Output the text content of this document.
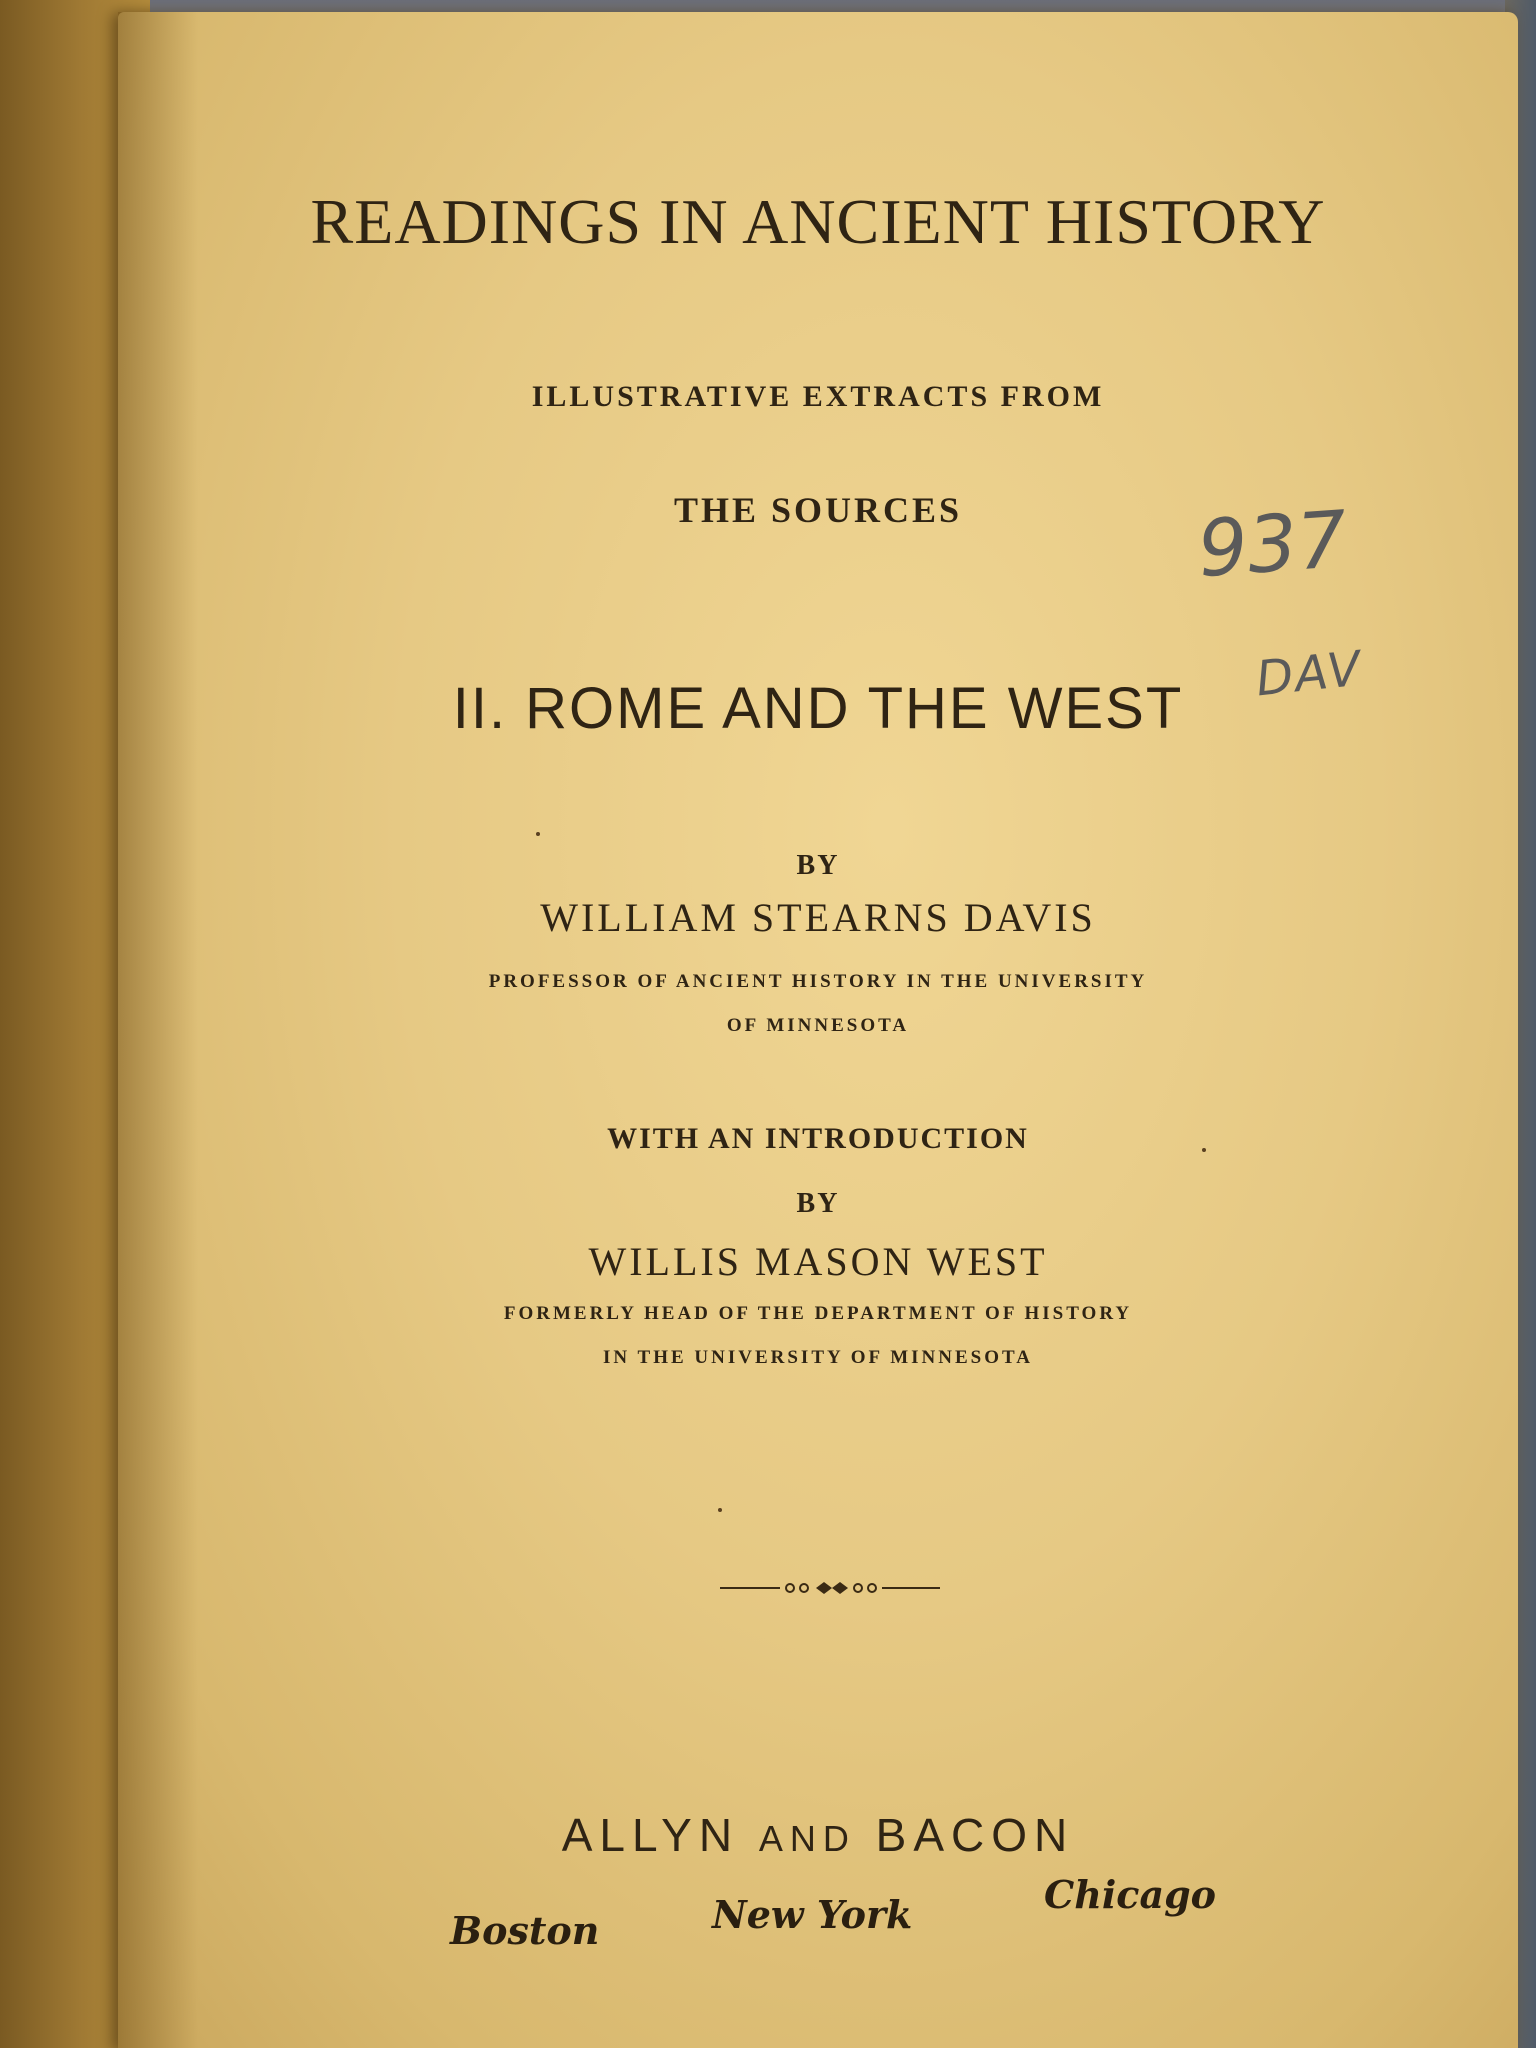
READINGS IN ANCIENT HISTORY
ILLUSTRATIVE EXTRACTS FROM
THE SOURCES
II. ROME AND THE WEST
BY
WILLIAM STEARNS DAVIS
PROFESSOR OF ANCIENT HISTORY IN THE UNIVERSITY
OF MINNESOTA
WITH AN INTRODUCTION
BY
WILLIS MASON WEST
FORMERLY HEAD OF THE DEPARTMENT OF HISTORY
IN THE UNIVERSITY OF MINNESOTA
ALLYN AND BACON
Boston	New York	Chicago
937
DAV
